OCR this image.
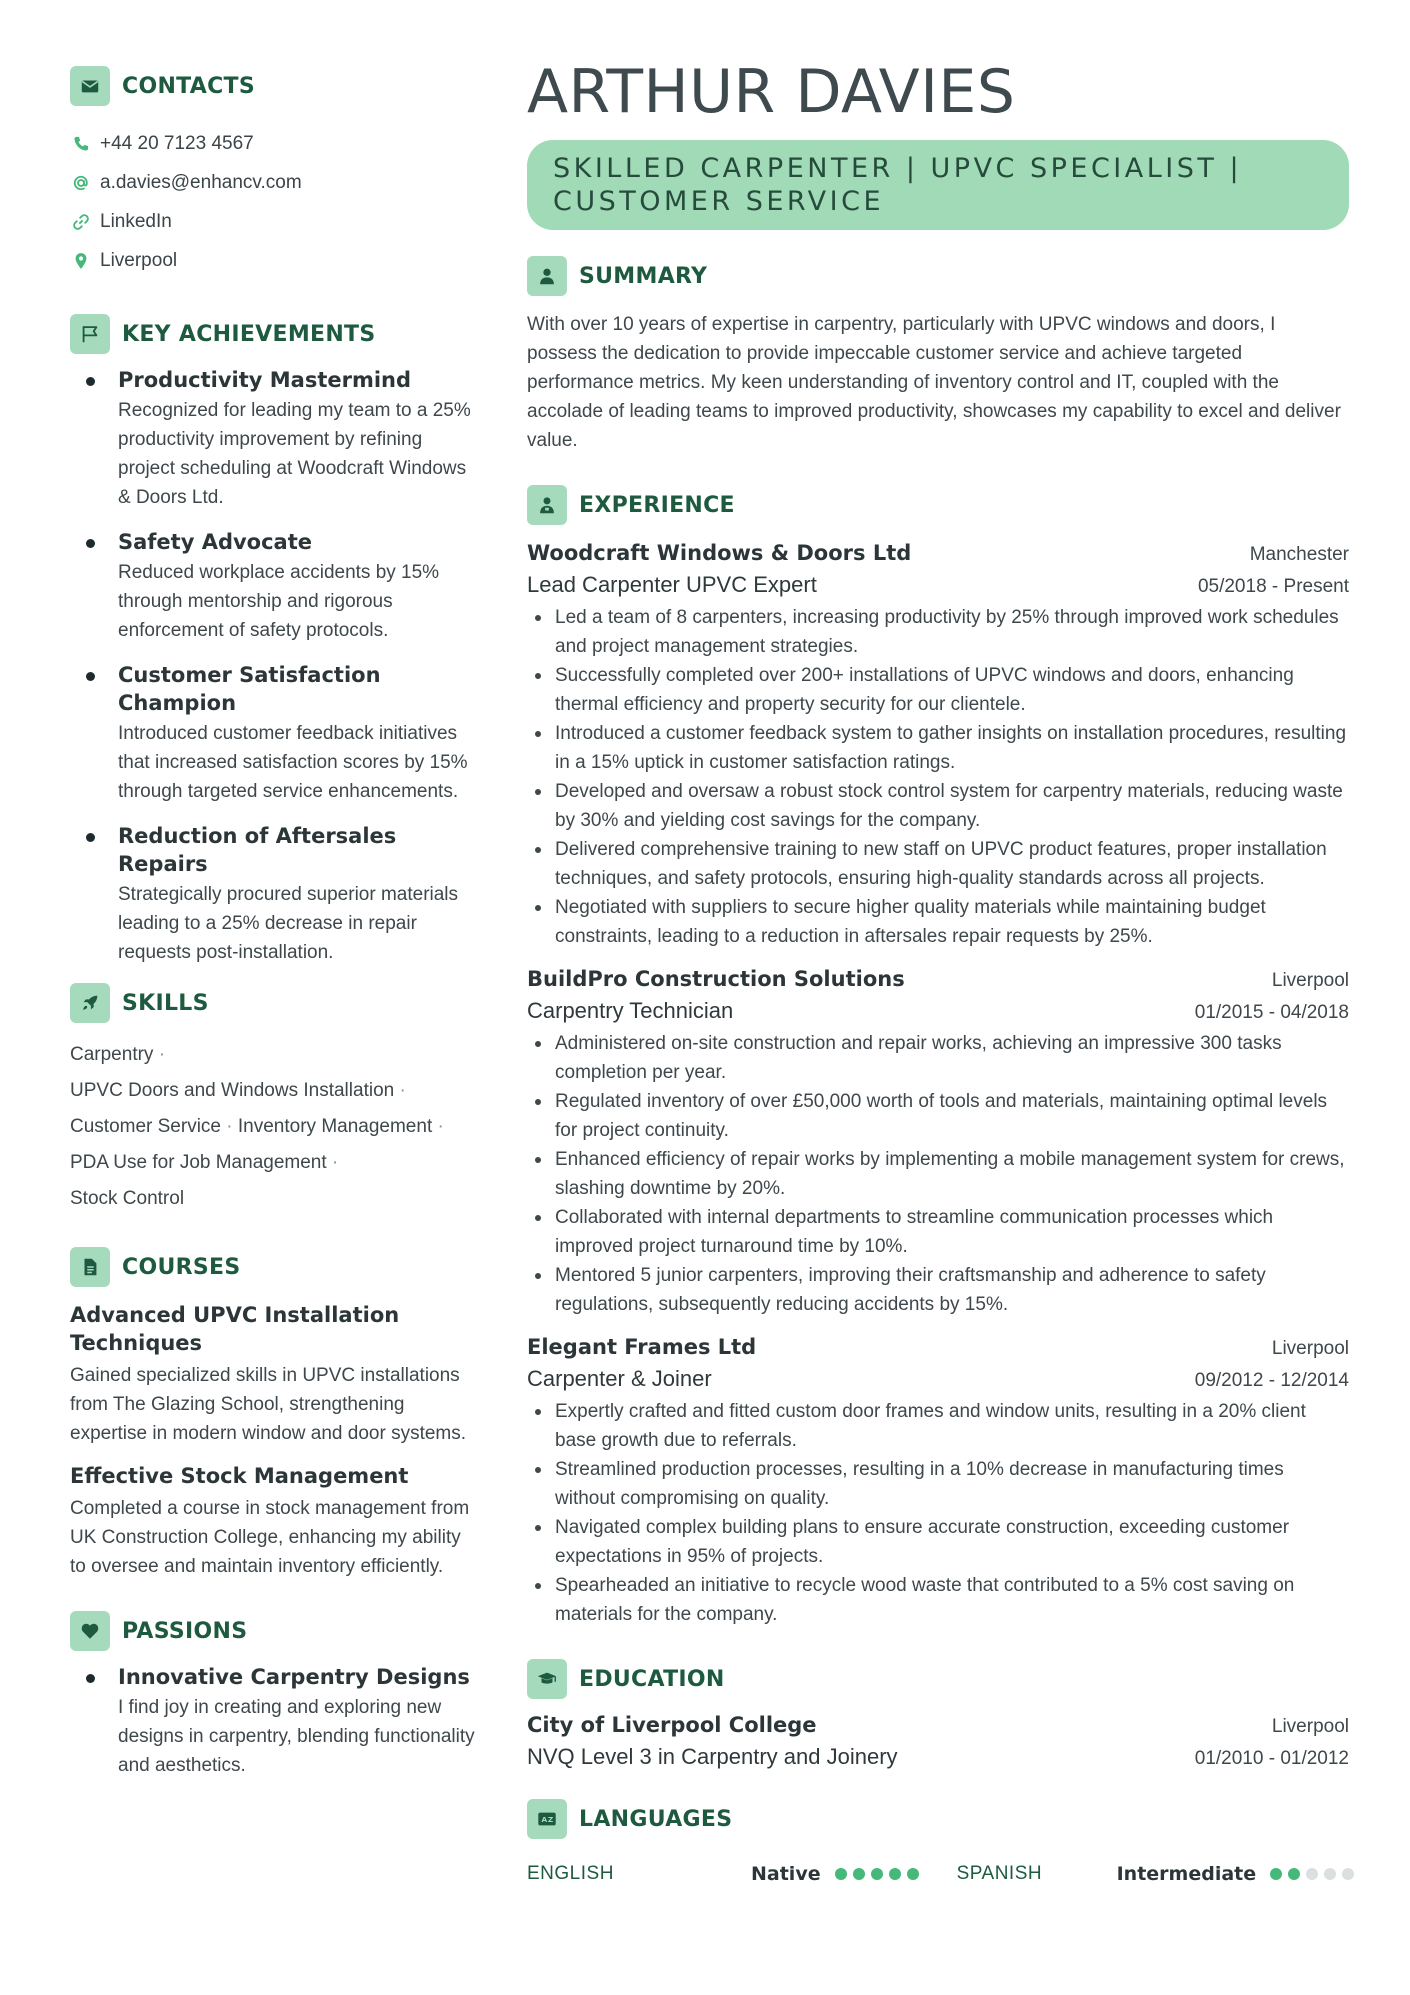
CONTACTS
+44 20 7123 4567
a.davies@enhancv.com
LinkedIn
Liverpool
KEY ACHIEVEMENTS
Productivity Mastermind
Recognized for leading my team to a 25% productivity improvement by refining project scheduling at Woodcraft Windows & Doors Ltd.
Safety Advocate
Reduced workplace accidents by 15% through mentorship and rigorous enforcement of safety protocols.
Customer Satisfaction Champion
Introduced customer feedback initiatives that increased satisfaction scores by 15% through targeted service enhancements.
Reduction of Aftersales Repairs
Strategically procured superior materials leading to a 25% decrease in repair requests post-installation.
SKILLS
Carpentry ·
UPVC Doors and Windows Installation ·
Customer Service · Inventory Management ·
PDA Use for Job Management ·
Stock Control
COURSES
Advanced UPVC Installation Techniques
Gained specialized skills in UPVC installations from The Glazing School, strengthening expertise in modern window and door systems.
Effective Stock Management
Completed a course in stock management from UK Construction College, enhancing my ability to oversee and maintain inventory efficiently.
PASSIONS
Innovative Carpentry Designs
I find joy in creating and exploring new designs in carpentry, blending functionality and aesthetics.
ARTHUR DAVIES
SKILLED CARPENTER | UPVC SPECIALIST |
CUSTOMER SERVICE
SUMMARY
With over 10 years of expertise in carpentry, particularly with UPVC windows and doors, I possess the dedication to provide impeccable customer service and achieve targeted performance metrics. My keen understanding of inventory control and IT, coupled with the accolade of leading teams to improved productivity, showcases my capability to excel and deliver value.
EXPERIENCE
Woodcraft Windows & Doors Ltd	Manchester
Lead Carpenter UPVC Expert	05/2018 - Present
Led a team of 8 carpenters, increasing productivity by 25% through improved work schedules and project management strategies.
Successfully completed over 200+ installations of UPVC windows and doors, enhancing thermal efficiency and property security for our clientele.
Introduced a customer feedback system to gather insights on installation procedures, resulting in a 15% uptick in customer satisfaction ratings.
Developed and oversaw a robust stock control system for carpentry materials, reducing waste by 30% and yielding cost savings for the company.
Delivered comprehensive training to new staff on UPVC product features, proper installation techniques, and safety protocols, ensuring high-quality standards across all projects.
Negotiated with suppliers to secure higher quality materials while maintaining budget constraints, leading to a reduction in aftersales repair requests by 25%.
BuildPro Construction Solutions	Liverpool
Carpentry Technician	01/2015 - 04/2018
Administered on-site construction and repair works, achieving an impressive 300 tasks completion per year.
Regulated inventory of over £50,000 worth of tools and materials, maintaining optimal levels for project continuity.
Enhanced efficiency of repair works by implementing a mobile management system for crews, slashing downtime by 20%.
Collaborated with internal departments to streamline communication processes which improved project turnaround time by 10%.
Mentored 5 junior carpenters, improving their craftsmanship and adherence to safety regulations, subsequently reducing accidents by 15%.
Elegant Frames Ltd	Liverpool
Carpenter & Joiner	09/2012 - 12/2014
Expertly crafted and fitted custom door frames and window units, resulting in a 20% client base growth due to referrals.
Streamlined production processes, resulting in a 10% decrease in manufacturing times without compromising on quality.
Navigated complex building plans to ensure accurate construction, exceeding customer expectations in 95% of projects.
Spearheaded an initiative to recycle wood waste that contributed to a 5% cost saving on materials for the company.
EDUCATION
City of Liverpool College	Liverpool
NVQ Level 3 in Carpentry and Joinery	01/2010 - 01/2012
A Z LANGUAGES
ENGLISH	Native	SPANISH	Intermediate
